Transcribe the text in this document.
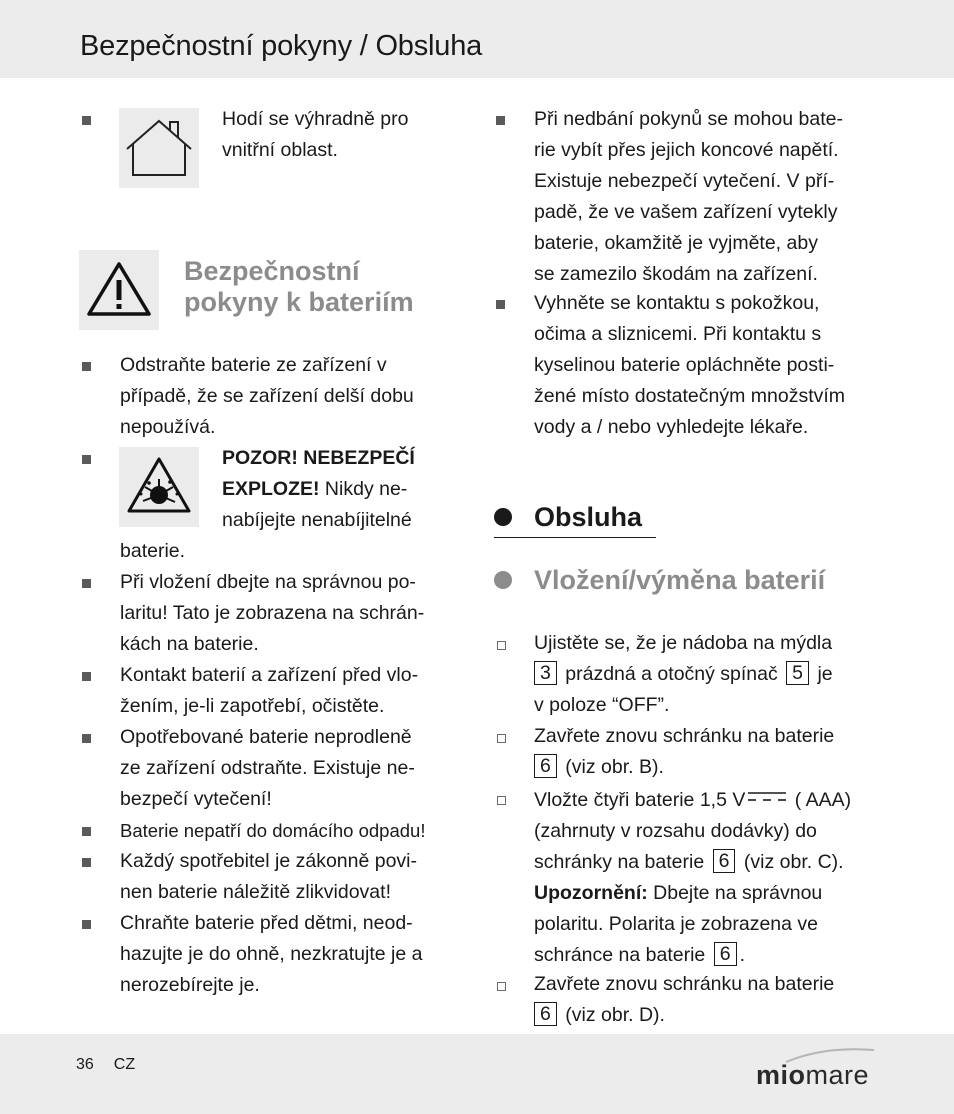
Bezpečnostní pokyny / Obsluha
Hodí se výhradně pro
vnitřní oblast.
Bezpečnostní
pokyny k bateriím
Odstraňte baterie ze zařízení v
případě, že se zařízení delší dobu
nepoužívá.
POZOR! NEBEZPEČÍ
EXPLOZE! Nikdy ne-
nabíjejte nenabíjitelné
baterie.
Při vložení dbejte na správnou po-
laritu! Tato je zobrazena na schrán-
kách na baterie.
Kontakt baterií a zařízení před vlo-
žením, je-li zapotřebí, očistěte.
Opotřebované baterie neprodleně
ze zařízení odstraňte. Existuje ne-
bezpečí vytečení!
Baterie nepatří do domácího odpadu!
Každý spotřebitel je zákonně povi-
nen baterie náležitě zlikvidovat!
Chraňte baterie před dětmi, neod-
hazujte je do ohně, nezkratujte je a
nerozebírejte je.
Při nedbání pokynů se mohou bate-
rie vybít přes jejich koncové napětí.
Existuje nebezpečí vytečení. V pří-
padě, že ve vašem zařízení vytekly
baterie, okamžitě je vyjměte, aby
se zamezilo škodám na zařízení.
Vyhněte se kontaktu s pokožkou,
očima a sliznicemi. Při kontaktu s
kyselinou baterie opláchněte posti-
žené místo dostatečným množstvím
vody a / nebo vyhledejte lékaře.
Obsluha
Vložení/výměna baterií
Ujistěte se, že je nádoba na mýdla
3 prázdná a otočný spínač 5 je
v poloze “OFF”.
Zavřete znovu schránku na baterie
6 (viz obr. B).
Vložte čtyři baterie 1,5 V ( AAA)
(zahrnuty v rozsahu dodávky) do
schránky na baterie 6 (viz obr. C).
Upozornění: Dbejte na správnou
polaritu. Polarita je zobrazena ve
schránce na baterie 6 .
Zavřete znovu schránku na baterie
6 (viz obr. D).
36 CZ	miomare
